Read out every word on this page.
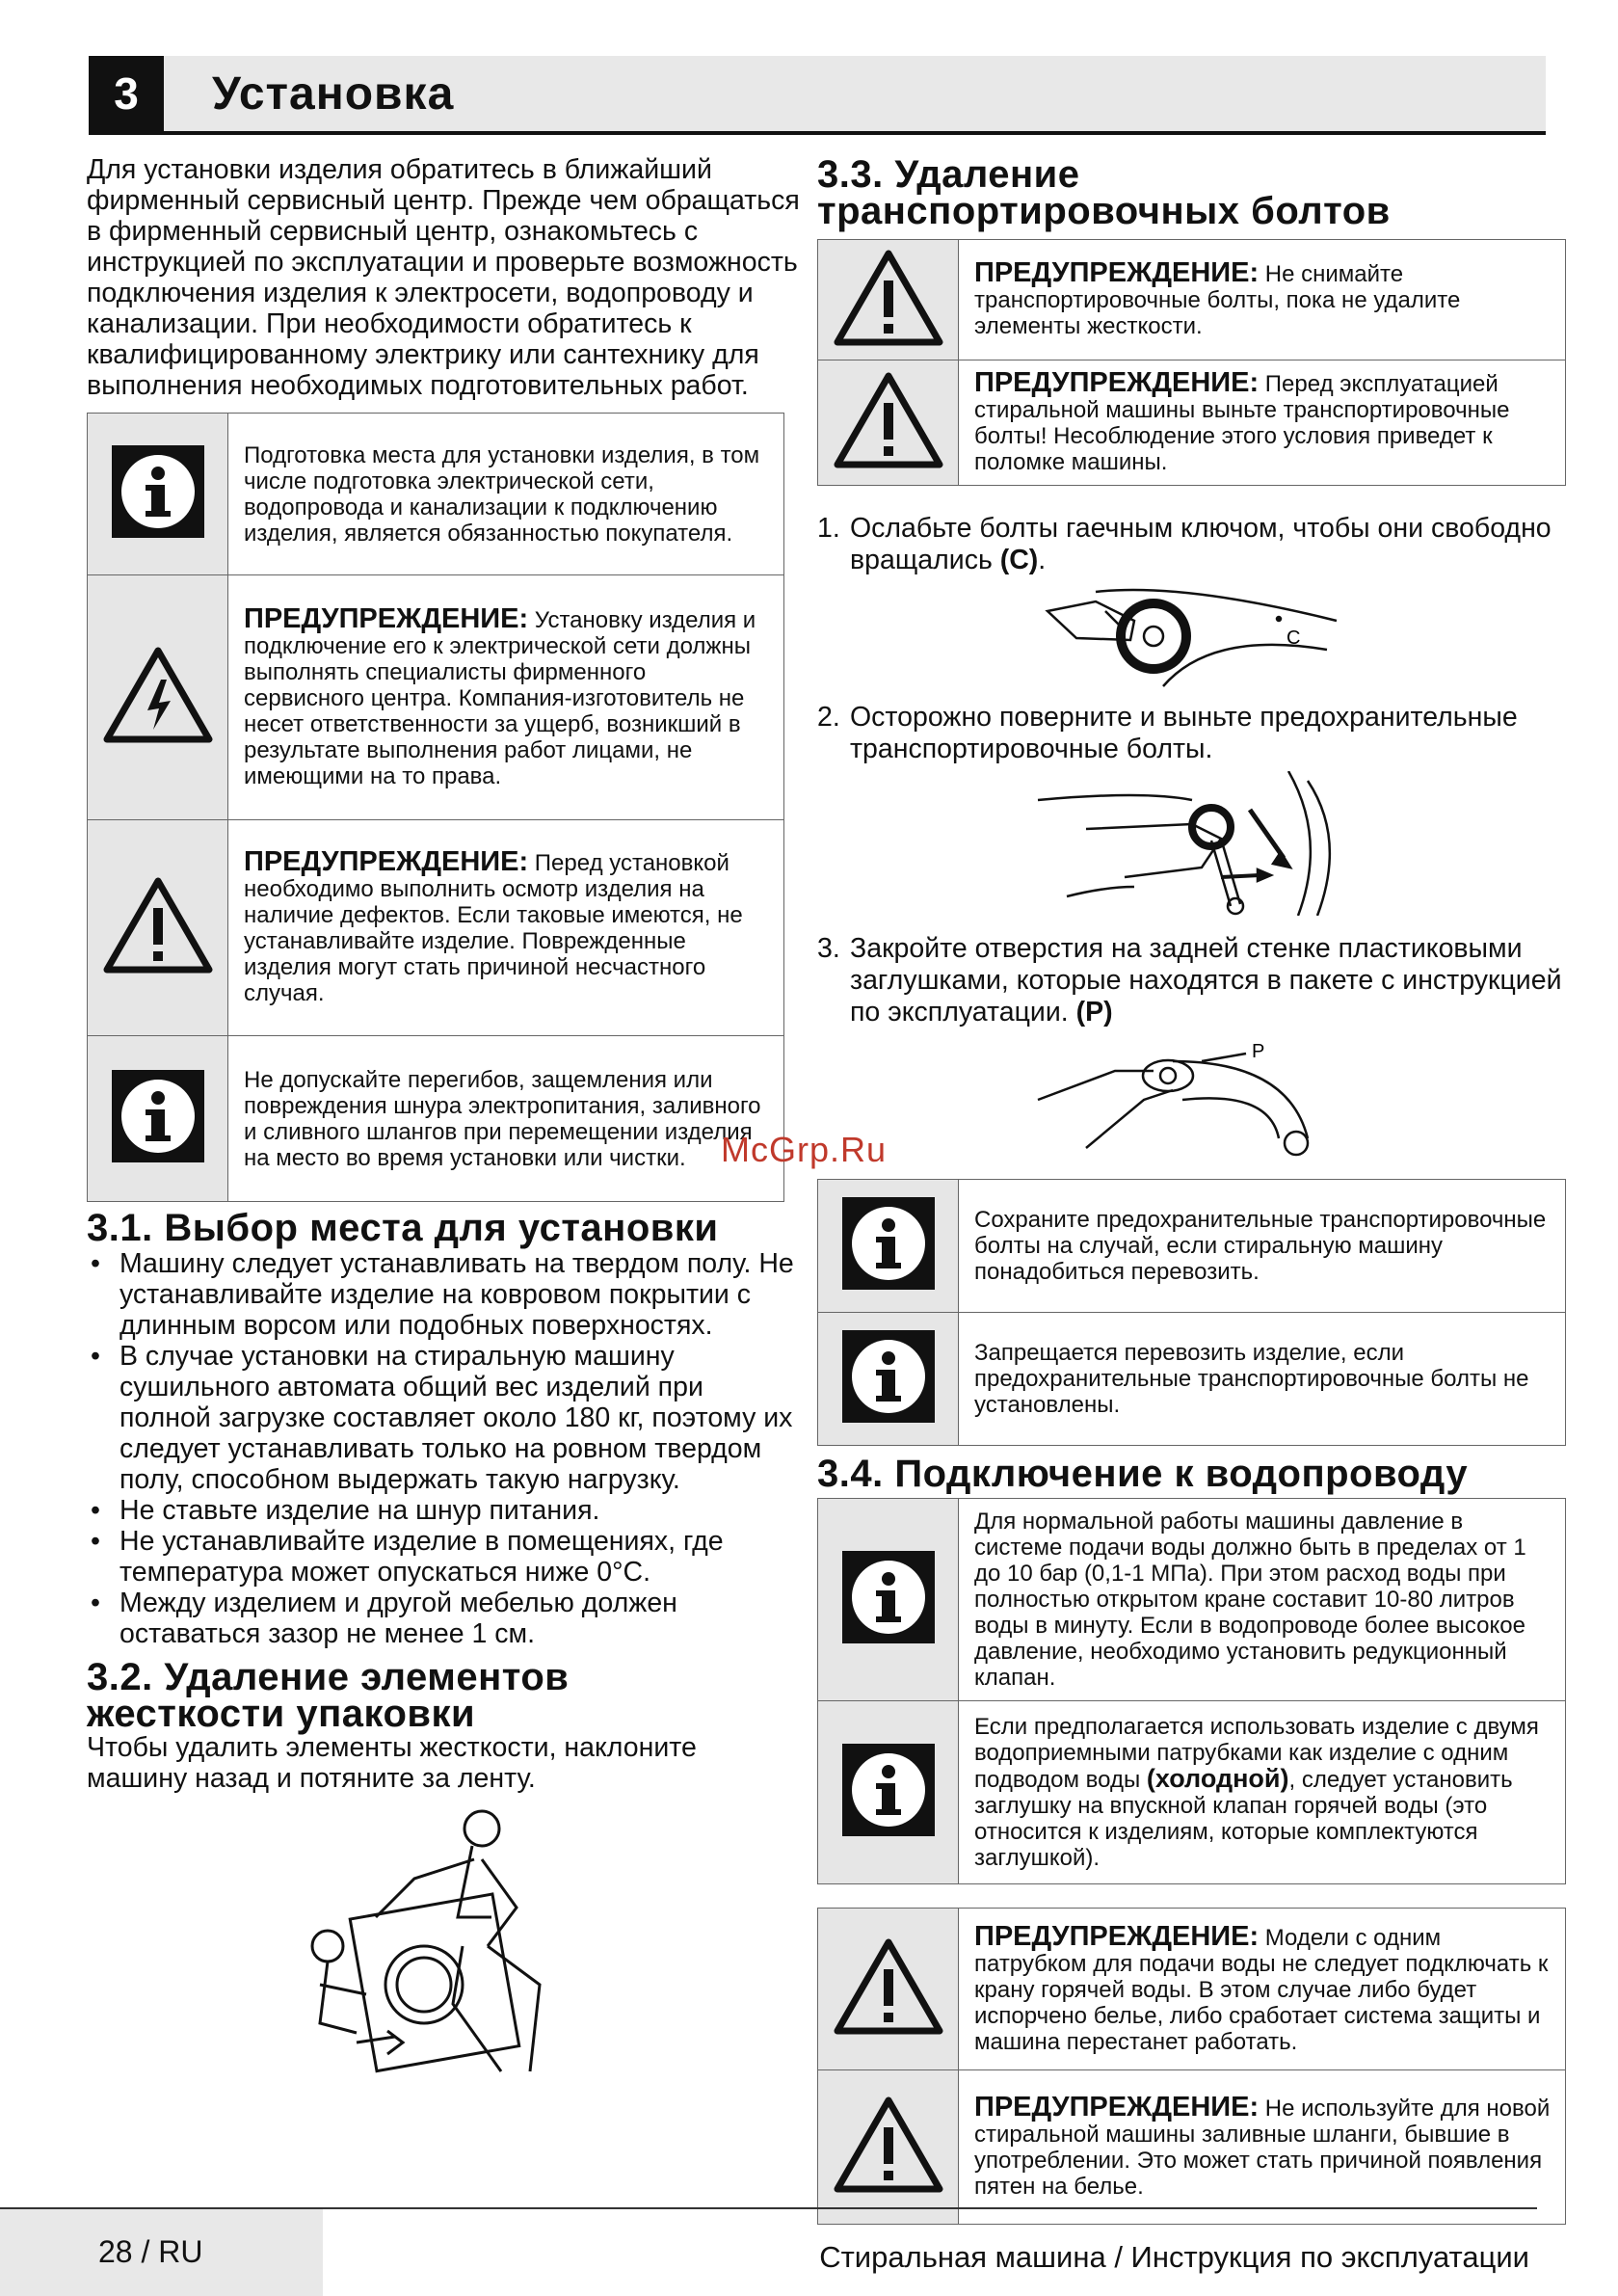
3	Установка

Для установки изделия обратитесь в ближайший фирменный сервисный центр. Прежде чем обращаться в фирменный сервисный центр, ознакомьтесь с инструкцией по эксплуатации и проверьте возможность подключения изделия к электросети, водопроводу и канализации. При необходимости обратитесь к квалифицированному электрику или сантехнику для выполнения необходимых подготовительных работ.

	Подготовка места для установки изделия, в том числе подготовка электрической сети, водопровода и канализации к подключению изделия, является обязанностью покупателя.
	ПРЕДУПРЕЖДЕНИЕ: Установку изделия и подключение его к электрической сети должны выполнять специалисты фирменного сервисного центра. Компания-изготовитель не несет ответственности за ущерб, возникший в результате выполнения работ лицами, не имеющими на то права.
	ПРЕДУПРЕЖДЕНИЕ: Перед установкой необходимо выполнить осмотр изделия на наличие дефектов. Если таковые имеются, не устанавливайте изделие. Поврежденные изделия могут стать причиной несчастного случая.
	Не допускайте перегибов, защемления или повреждения шнура электропитания, заливного и сливного шлангов при перемещении изделия на место во время установки или чистки.
3.1. Выбор места для установки
• Машину следует устанавливать на твердом полу. Не устанавливайте изделие на ковровом покрытии с длинным ворсом или подобных поверхностях.
• В случае установки на стиральную машину сушильного автомата общий вес изделий при полной загрузке составляет около 180 кг, поэтому их следует устанавливать только на ровном твердом полу, способном выдержать такую нагрузку.
• Не ставьте изделие на шнур питания.
• Не устанавливайте изделие в помещениях, где температура может опускаться ниже 0°C.
• Между изделием и другой мебелью должен оставаться зазор не менее 1 см.
3.2. Удаление элементов
жесткости упаковки

Чтобы удалить элементы жесткости, наклоните машину назад и потяните за ленту.

3.3. Удаление
транспортировочных болтов
	ПРЕДУПРЕЖДЕНИЕ: Не снимайте транспортировочные болты, пока не удалите элементы жесткости.
	ПРЕДУПРЕЖДЕНИЕ: Перед эксплуатацией стиральной машины выньте транспортировочные болты! Несоблюдение этого условия приведет к поломке машины.
1. Ослабьте болты гаечным ключом, чтобы они свободно вращались (C).
C
2. Осторожно поверните и выньте предохранительные транспортировочные болты.
3. Закройте отверстия на задней стенке пластиковыми заглушками, которые находятся в пакете с инструкцией по эксплуатации. (P)
P
	Сохраните предохранительные транспортировочные болты на случай, если стиральную машину понадобиться перевозить.
	Запрещается перевозить изделие, если предохранительные транспортировочные болты не установлены.
3.4. Подключение к водопроводу
	Для нормальной работы машины давление в системе подачи воды должно быть в пределах от 1 до 10 бар (0,1-1 МПа). При этом расход воды при полностью открытом кране составит 10-80 литров воды в минуту. Если в водопроводе более высокое давление, необходимо установить редукционный клапан.
	Если предполагается использовать изделие с двумя водоприемными патрубками как изделие с одним подводом воды (холодной), следует установить заглушку на впускной клапан горячей воды (это относится к изделиям, которые комплектуются заглушкой).
	ПРЕДУПРЕЖДЕНИЕ: Модели с одним патрубком для подачи воды не следует подключать к крану горячей воды. В этом случае либо будет испорчено белье, либо сработает система защиты и машина перестанет работать.
	ПРЕДУПРЕЖДЕНИЕ: Не используйте для новой стиральной машины заливные шланги, бывшие в употреблении. Это может стать причиной появления пятен на белье.
McGrp.Ru
28 / RU	Стиральная машина / Инструкция по эксплуатации
